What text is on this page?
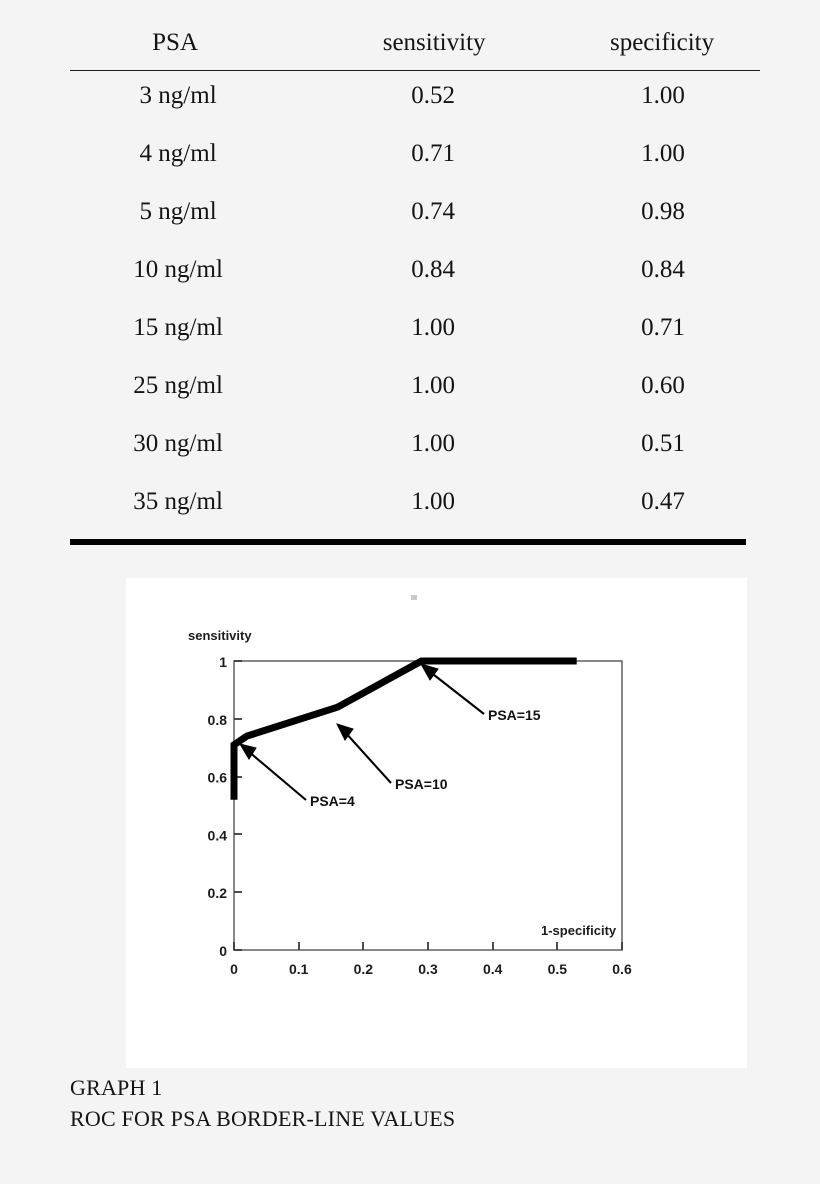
PSA	sensitivity	specificity
3 ng/ml	0.52	1.00
4 ng/ml	0.71	1.00
5 ng/ml	0.74	0.98
10 ng/ml	0.84	0.84
15 ng/ml	1.00	0.71
25 ng/ml	1.00	0.60
30 ng/ml	1.00	0.51
35 ng/ml	1.00	0.47
sensitivity
1-specificity
0
0.2
0.4
0.6
0.8
1
0	0.1	0.2	0.3	0.4	0.5	0.6
PSA=4
PSA=10
PSA=15
GRAPH 1
ROC FOR PSA BORDER-LINE VALUES
